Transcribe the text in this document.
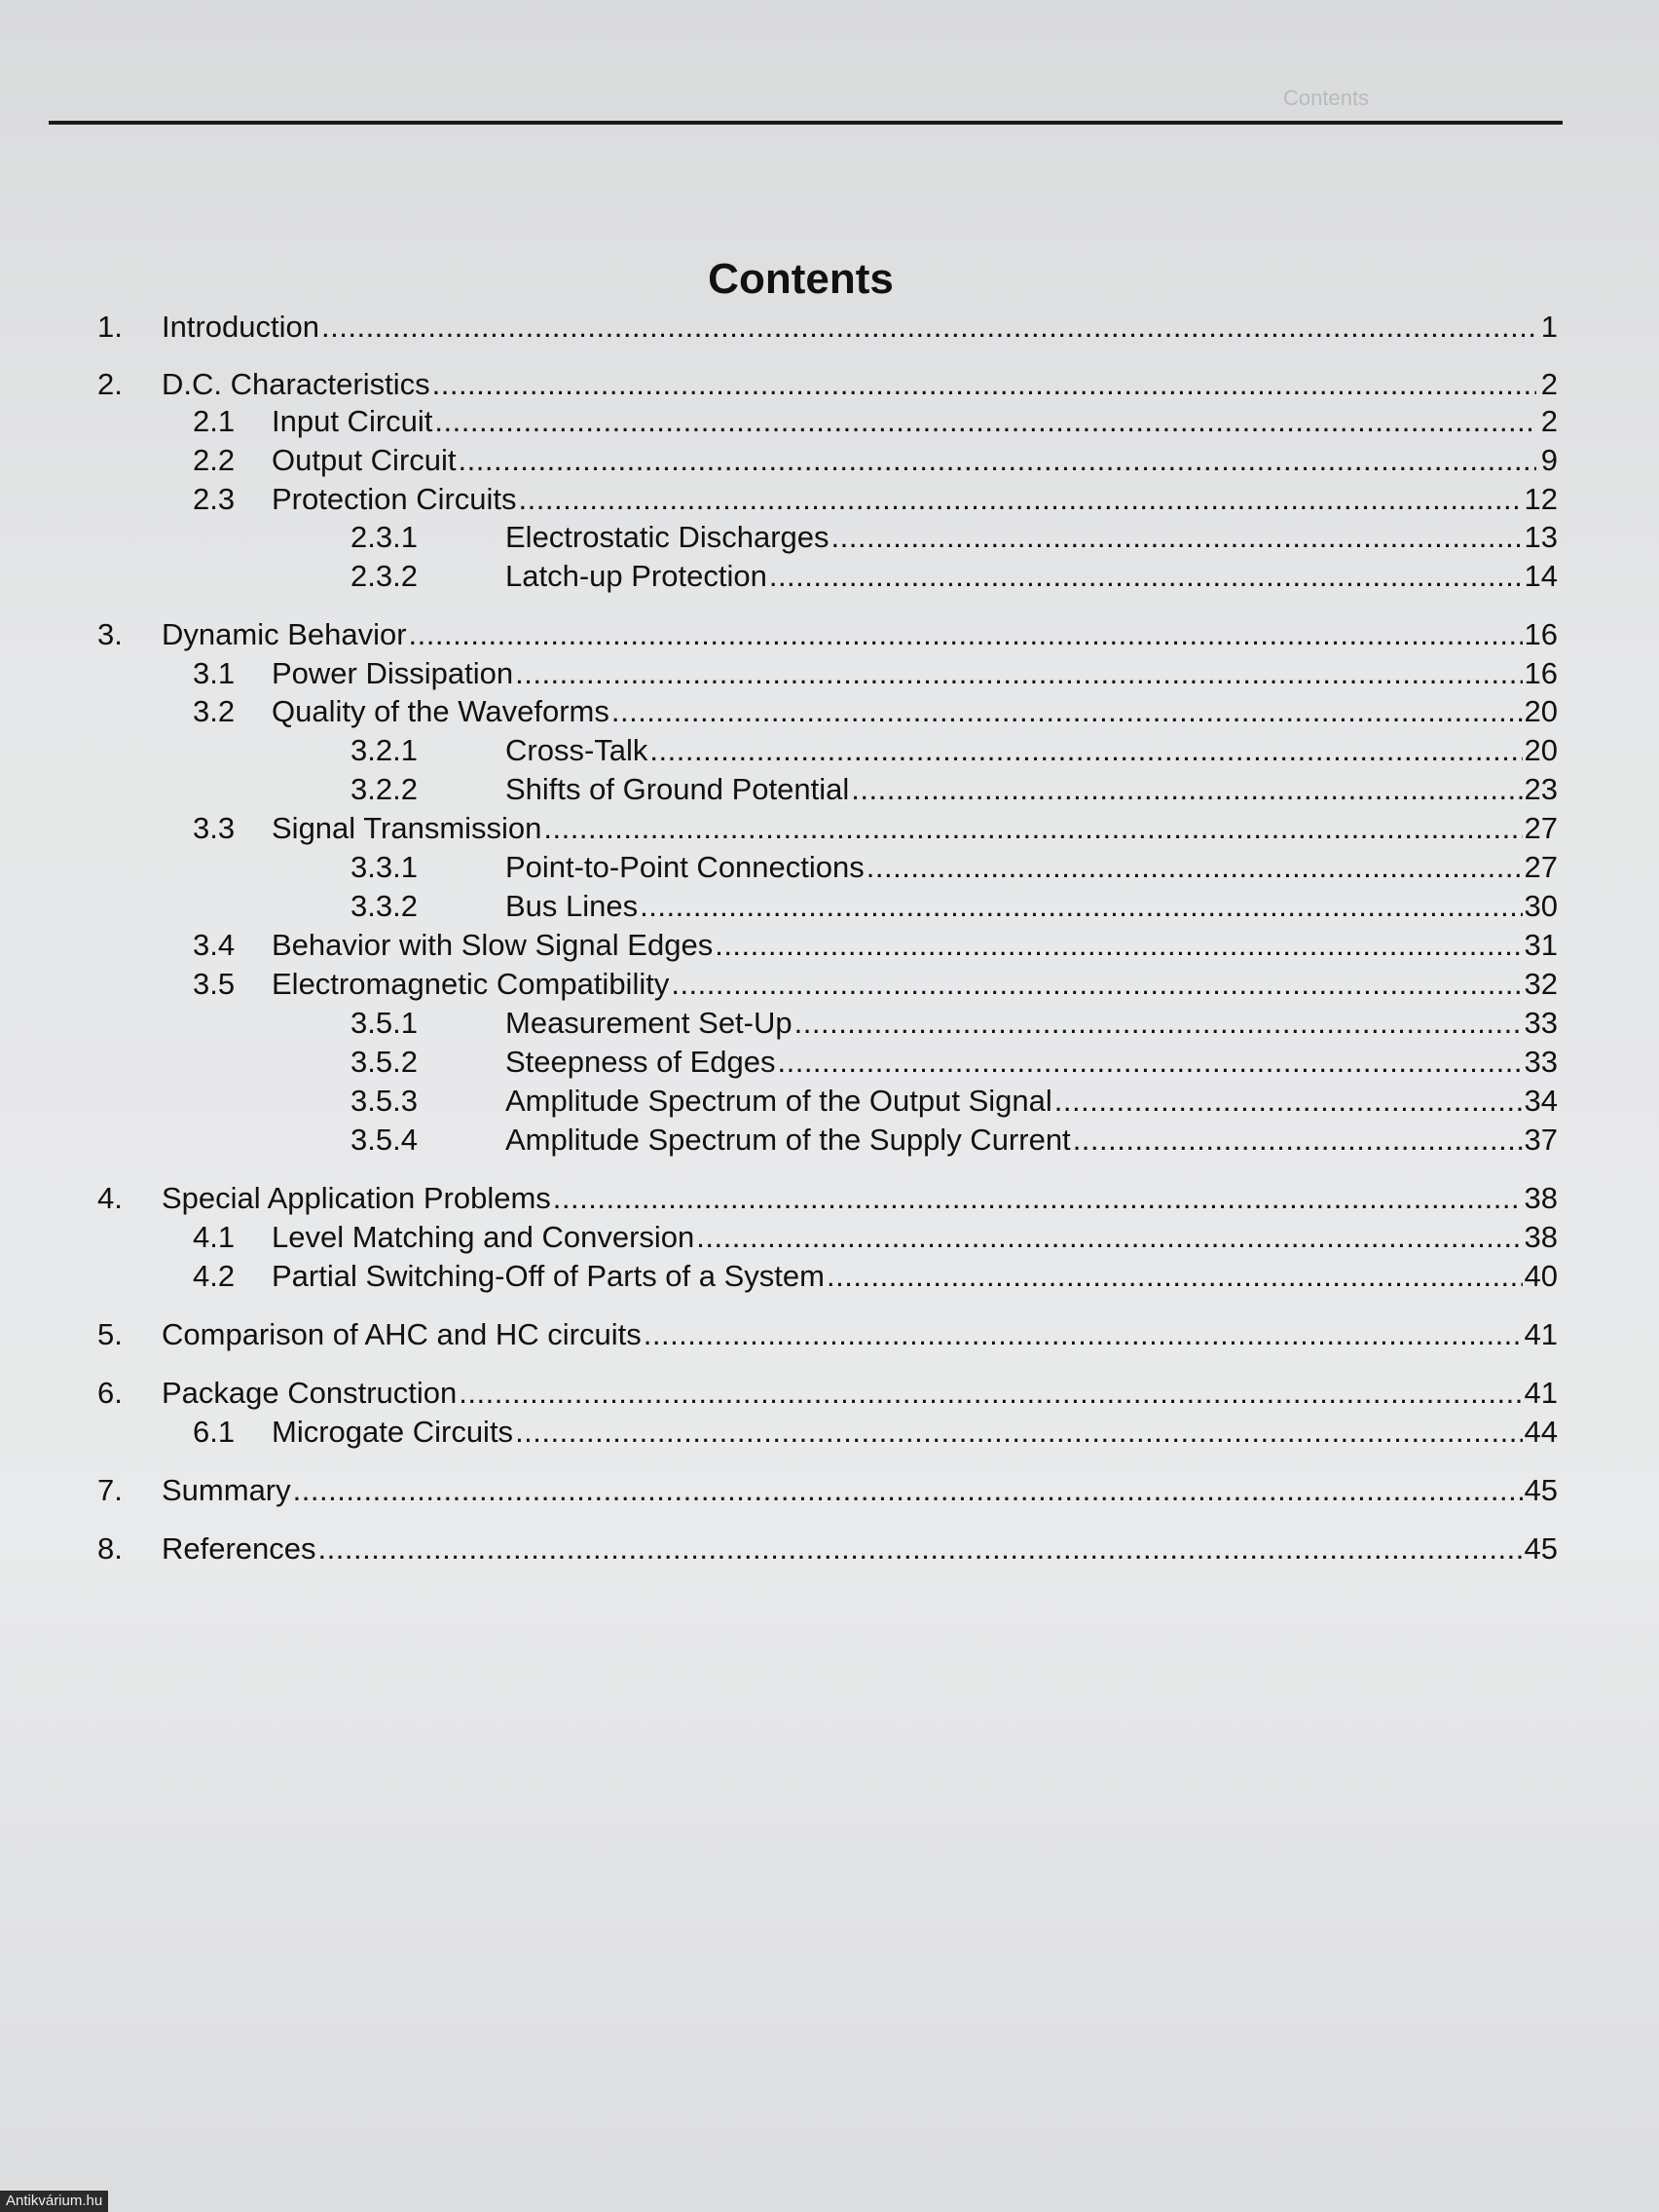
Contents
Contents
1.	Introduction .....	1
2.	D.C. Characteristics .....	2
2.1	Input Circuit .....	2
2.2	Output Circuit .....	9
2.3	Protection Circuits .....	12
2.3.1	Electrostatic Discharges .....	13
2.3.2	Latch-up Protection .....	14
3.	Dynamic Behavior .....	16
3.1	Power Dissipation .....	16
3.2	Quality of the Waveforms .....	20
3.2.1	Cross-Talk .....	20
3.2.2	Shifts of Ground Potential .....	23
3.3	Signal Transmission .....	27
3.3.1	Point-to-Point Connections .....	27
3.3.2	Bus Lines .....	30
3.4	Behavior with Slow Signal Edges .....	31
3.5	Electromagnetic Compatibility .....	32
3.5.1	Measurement Set-Up .....	33
3.5.2	Steepness of Edges .....	33
3.5.3	Amplitude Spectrum of the Output Signal .....	34
3.5.4	Amplitude Spectrum of the Supply Current .....	37
4.	Special Application Problems .....	38
4.1	Level Matching and Conversion .....	38
4.2	Partial Switching-Off of Parts of a System .....	40
5.	Comparison of AHC and HC circuits .....	41
6.	Package Construction .....	41
6.1	Microgate Circuits .....	44
7.	Summary .....	45
8.	References .....	45
Antikvárium.hu
